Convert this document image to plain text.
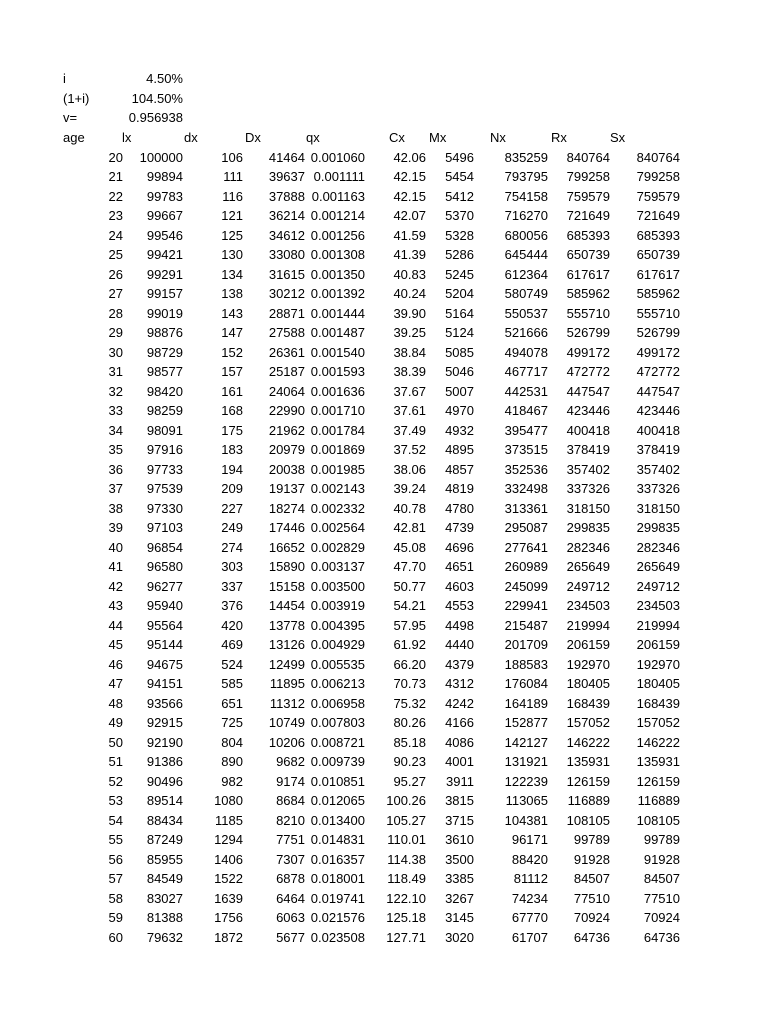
i	4.50%
(1+i)	104.50%
v=	0.956938
age	lx	dx	Dx	qx	Cx	Mx	Nx	Rx	Sx
20	100000	106	41464 0.001060	42.06	5496	835259	840764	840764
21	99894	111	39637 0.001111	42.15	5454	793795	799258	799258
22	99783	116	37888 0.001163	42.15	5412	754158	759579	759579
23	99667	121	36214 0.001214	42.07	5370	716270	721649	721649
24	99546	125	34612 0.001256	41.59	5328	680056	685393	685393
25	99421	130	33080 0.001308	41.39	5286	645444	650739	650739
26	99291	134	31615 0.001350	40.83	5245	612364	617617	617617
27	99157	138	30212 0.001392	40.24	5204	580749	585962	585962
28	99019	143	28871 0.001444	39.90	5164	550537	555710	555710
29	98876	147	27588 0.001487	39.25	5124	521666	526799	526799
30	98729	152	26361 0.001540	38.84	5085	494078	499172	499172
31	98577	157	25187 0.001593	38.39	5046	467717	472772	472772
32	98420	161	24064 0.001636	37.67	5007	442531	447547	447547
33	98259	168	22990 0.001710	37.61	4970	418467	423446	423446
34	98091	175	21962 0.001784	37.49	4932	395477	400418	400418
35	97916	183	20979 0.001869	37.52	4895	373515	378419	378419
36	97733	194	20038 0.001985	38.06	4857	352536	357402	357402
37	97539	209	19137 0.002143	39.24	4819	332498	337326	337326
38	97330	227	18274 0.002332	40.78	4780	313361	318150	318150
39	97103	249	17446 0.002564	42.81	4739	295087	299835	299835
40	96854	274	16652 0.002829	45.08	4696	277641	282346	282346
41	96580	303	15890 0.003137	47.70	4651	260989	265649	265649
42	96277	337	15158 0.003500	50.77	4603	245099	249712	249712
43	95940	376	14454 0.003919	54.21	4553	229941	234503	234503
44	95564	420	13778 0.004395	57.95	4498	215487	219994	219994
45	95144	469	13126 0.004929	61.92	4440	201709	206159	206159
46	94675	524	12499 0.005535	66.20	4379	188583	192970	192970
47	94151	585	11895 0.006213	70.73	4312	176084	180405	180405
48	93566	651	11312 0.006958	75.32	4242	164189	168439	168439
49	92915	725	10749 0.007803	80.26	4166	152877	157052	157052
50	92190	804	10206 0.008721	85.18	4086	142127	146222	146222
51	91386	890	9682 0.009739	90.23	4001	131921	135931	135931
52	90496	982	9174 0.010851	95.27	3911	122239	126159	126159
53	89514	1080	8684 0.012065	100.26	3815	113065	116889	116889
54	88434	1185	8210 0.013400	105.27	3715	104381	108105	108105
55	87249	1294	7751 0.014831	110.01	3610	96171	99789	99789
56	85955	1406	7307 0.016357	114.38	3500	88420	91928	91928
57	84549	1522	6878 0.018001	118.49	3385	81112	84507	84507
58	83027	1639	6464 0.019741	122.10	3267	74234	77510	77510
59	81388	1756	6063 0.021576	125.18	3145	67770	70924	70924
60	79632	1872	5677 0.023508	127.71	3020	61707	64736	64736
